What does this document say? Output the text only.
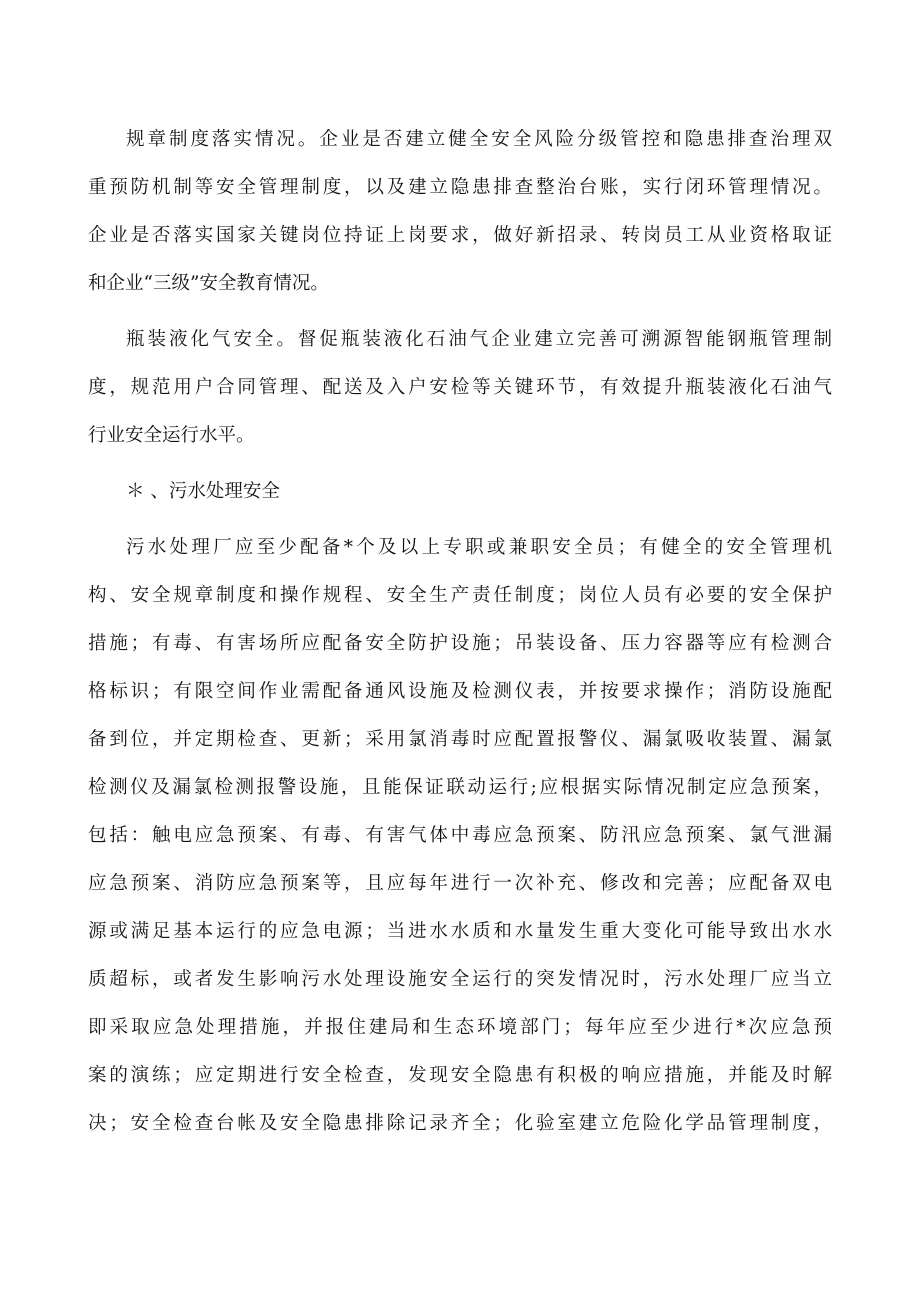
规章制度落实情况。企业是否建立健全安全风险分级管控和隐患排查治理双
重预防机制等安全管理制度，以及建立隐患排查整治台账，实行闭环管理情况。
企业是否落实国家关键岗位持证上岗要求，做好新招录、转岗员工从业资格取证
和企业“三级”安全教育情况。
瓶装液化气安全。督促瓶装液化石油气企业建立完善可溯源智能钢瓶管理制
度，规范用户合同管理、配送及入户安检等关键环节，有效提升瓶装液化石油气
行业安全运行水平。
＊ 、污水处理安全
污水处理厂应至少配备*个及以上专职或兼职安全员；有健全的安全管理机
构、安全规章制度和操作规程、安全生产责任制度；岗位人员有必要的安全保护
措施；有毒、有害场所应配备安全防护设施；吊装设备、压力容器等应有检测合
格标识；有限空间作业需配备通风设施及检测仪表，并按要求操作；消防设施配
备到位，并定期检查、更新；采用氯消毒时应配置报警仪、漏氯吸收装置、漏氯
检测仪及漏氯检测报警设施，且能保证联动运行;应根据实际情况制定应急预案，
包括：触电应急预案、有毒、有害气体中毒应急预案、防汛应急预案、氯气泄漏
应急预案、消防应急预案等，且应每年进行一次补充、修改和完善；应配备双电
源或满足基本运行的应急电源；当进水水质和水量发生重大变化可能导致出水水
质超标，或者发生影响污水处理设施安全运行的突发情况时，污水处理厂应当立
即采取应急处理措施，并报住建局和生态环境部门；每年应至少进行*次应急预
案的演练；应定期进行安全检查，发现安全隐患有积极的响应措施，并能及时解
决；安全检查台帐及安全隐患排除记录齐全；化验室建立危险化学品管理制度，
